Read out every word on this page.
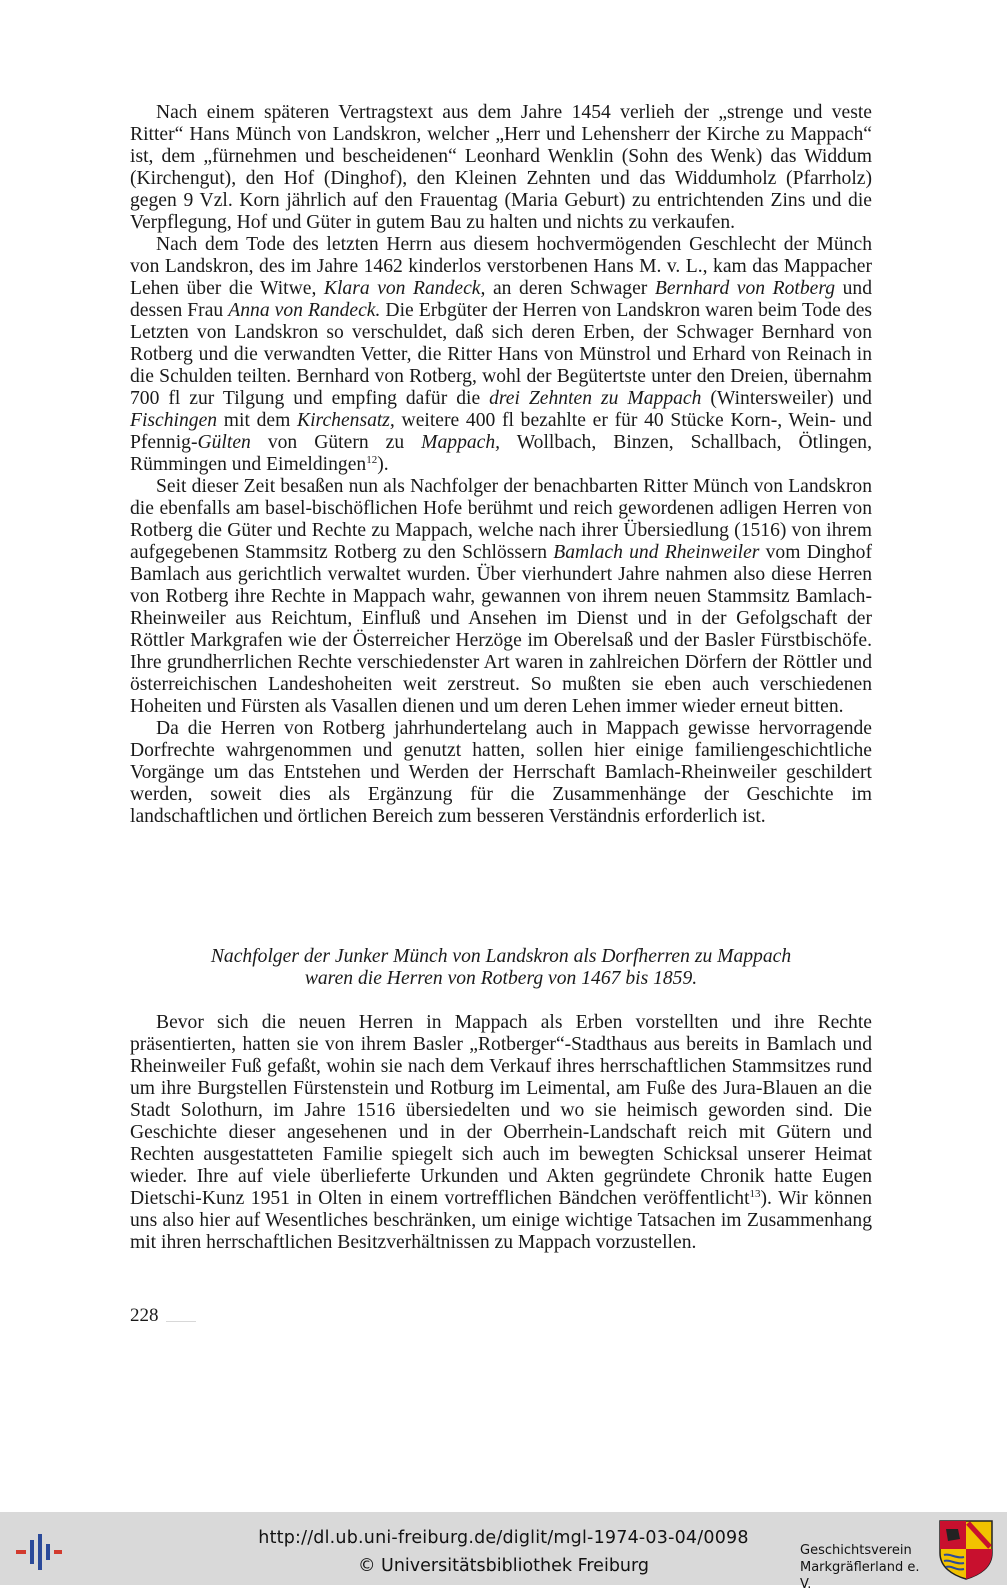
Nach einem späteren Vertragstext aus dem Jahre 1454 verlieh der „strenge und veste Ritter“ Hans Münch von Landskron, welcher „Herr und Lehensherr der Kirche zu Mappach“ ist, dem „fürnehmen und bescheidenen“ Leonhard Wenklin (Sohn des Wenk) das Widdum (Kirchengut), den Hof (Dinghof), den Kleinen Zehnten und das Widdumholz (Pfarrholz) gegen 9 Vzl. Korn jährlich auf den Frauentag (Maria Geburt) zu entrichtenden Zins und die Verpflegung, Hof und Güter in gutem Bau zu halten und nichts zu verkaufen.

Nach dem Tode des letzten Herrn aus diesem hochvermögenden Geschlecht der Münch von Landskron, des im Jahre 1462 kinderlos verstorbenen Hans M. v. L., kam das Mappacher Lehen über die Witwe, Klara von Randeck, an deren Schwager Bernhard von Rotberg und dessen Frau Anna von Randeck. Die Erbgüter der Herren von Landskron waren beim Tode des Letzten von Landskron so verschuldet, daß sich deren Erben, der Schwager Bernhard von Rotberg und die verwandten Vetter, die Ritter Hans von Münstrol und Erhard von Reinach in die Schulden teilten. Bernhard von Rotberg, wohl der Begütertste unter den Dreien, übernahm 700 fl zur Tilgung und empfing dafür die drei Zehnten zu Mappach (Wintersweiler) und Fischingen mit dem Kirchensatz, weitere 400 fl bezahlte er für 40 Stücke Korn-, Wein- und Pfennig-Gülten von Gütern zu Mappach, Wollbach, Binzen, Schallbach, Ötlingen, Rümmingen und Eimeldingen$^{12}$).

Seit dieser Zeit besaßen nun als Nachfolger der benachbarten Ritter Münch von Landskron die ebenfalls am basel-bischöflichen Hofe berühmt und reich gewordenen adligen Herren von Rotberg die Güter und Rechte zu Mappach, welche nach ihrer Übersiedlung (1516) von ihrem aufgegebenen Stammsitz Rotberg zu den Schlössern Bamlach und Rheinweiler vom Dinghof Bamlach aus gerichtlich verwaltet wurden. Über vierhundert Jahre nahmen also diese Herren von Rotberg ihre Rechte in Mappach wahr, gewannen von ihrem neuen Stammsitz Bamlach-Rheinweiler aus Reichtum, Einfluß und Ansehen im Dienst und in der Gefolgschaft der Röttler Markgrafen wie der Österreicher Herzöge im Oberelsaß und der Basler Fürstbischöfe. Ihre grundherrlichen Rechte verschiedenster Art waren in zahlreichen Dörfern der Röttler und österreichischen Landeshoheiten weit zerstreut. So mußten sie eben auch verschiedenen Hoheiten und Fürsten als Vasallen dienen und um deren Lehen immer wieder erneut bitten.

Da die Herren von Rotberg jahrhundertelang auch in Mappach gewisse hervorragende Dorfrechte wahrgenommen und genutzt hatten, sollen hier einige familiengeschichtliche Vorgänge um das Entstehen und Werden der Herrschaft Bamlach-Rheinweiler geschildert werden, soweit dies als Ergänzung für die Zusammenhänge der Geschichte im landschaftlichen und örtlichen Bereich zum besseren Verständnis erforderlich ist.

Nachfolger der Junker Münch von Landskron als Dorfherren zu Mappach
waren die Herren von Rotberg von 1467 bis 1859.

Bevor sich die neuen Herren in Mappach als Erben vorstellten und ihre Rechte präsentierten, hatten sie von ihrem Basler „Rotberger“-Stadthaus aus bereits in Bamlach und Rheinweiler Fuß gefaßt, wohin sie nach dem Verkauf ihres herrschaftlichen Stammsitzes rund um ihre Burgstellen Fürstenstein und Rotburg im Leimental, am Fuße des Jura-Blauen an die Stadt Solothurn, im Jahre 1516 übersiedelten und wo sie heimisch geworden sind. Die Geschichte dieser angesehenen und in der Oberrhein-Landschaft reich mit Gütern und Rechten ausgestatteten Familie spiegelt sich auch im bewegten Schicksal unserer Heimat wieder. Ihre auf viele überlieferte Urkunden und Akten gegründete Chronik hatte Eugen Dietschi-Kunz 1951 in Olten in einem vortrefflichen Bändchen veröffentlicht$^{13}$). Wir können uns also hier auf Wesentliches beschränken, um einige wichtige Tatsachen im Zusammenhang mit ihren herrschaftlichen Besitzverhältnissen zu Mappach vorzustellen.

228
http://dl.ub.uni-freiburg.de/diglit/mgl-1974-03-04/0098
© Universitätsbibliothek Freiburg
Geschichtsverein
Markgräflerland e. V.
